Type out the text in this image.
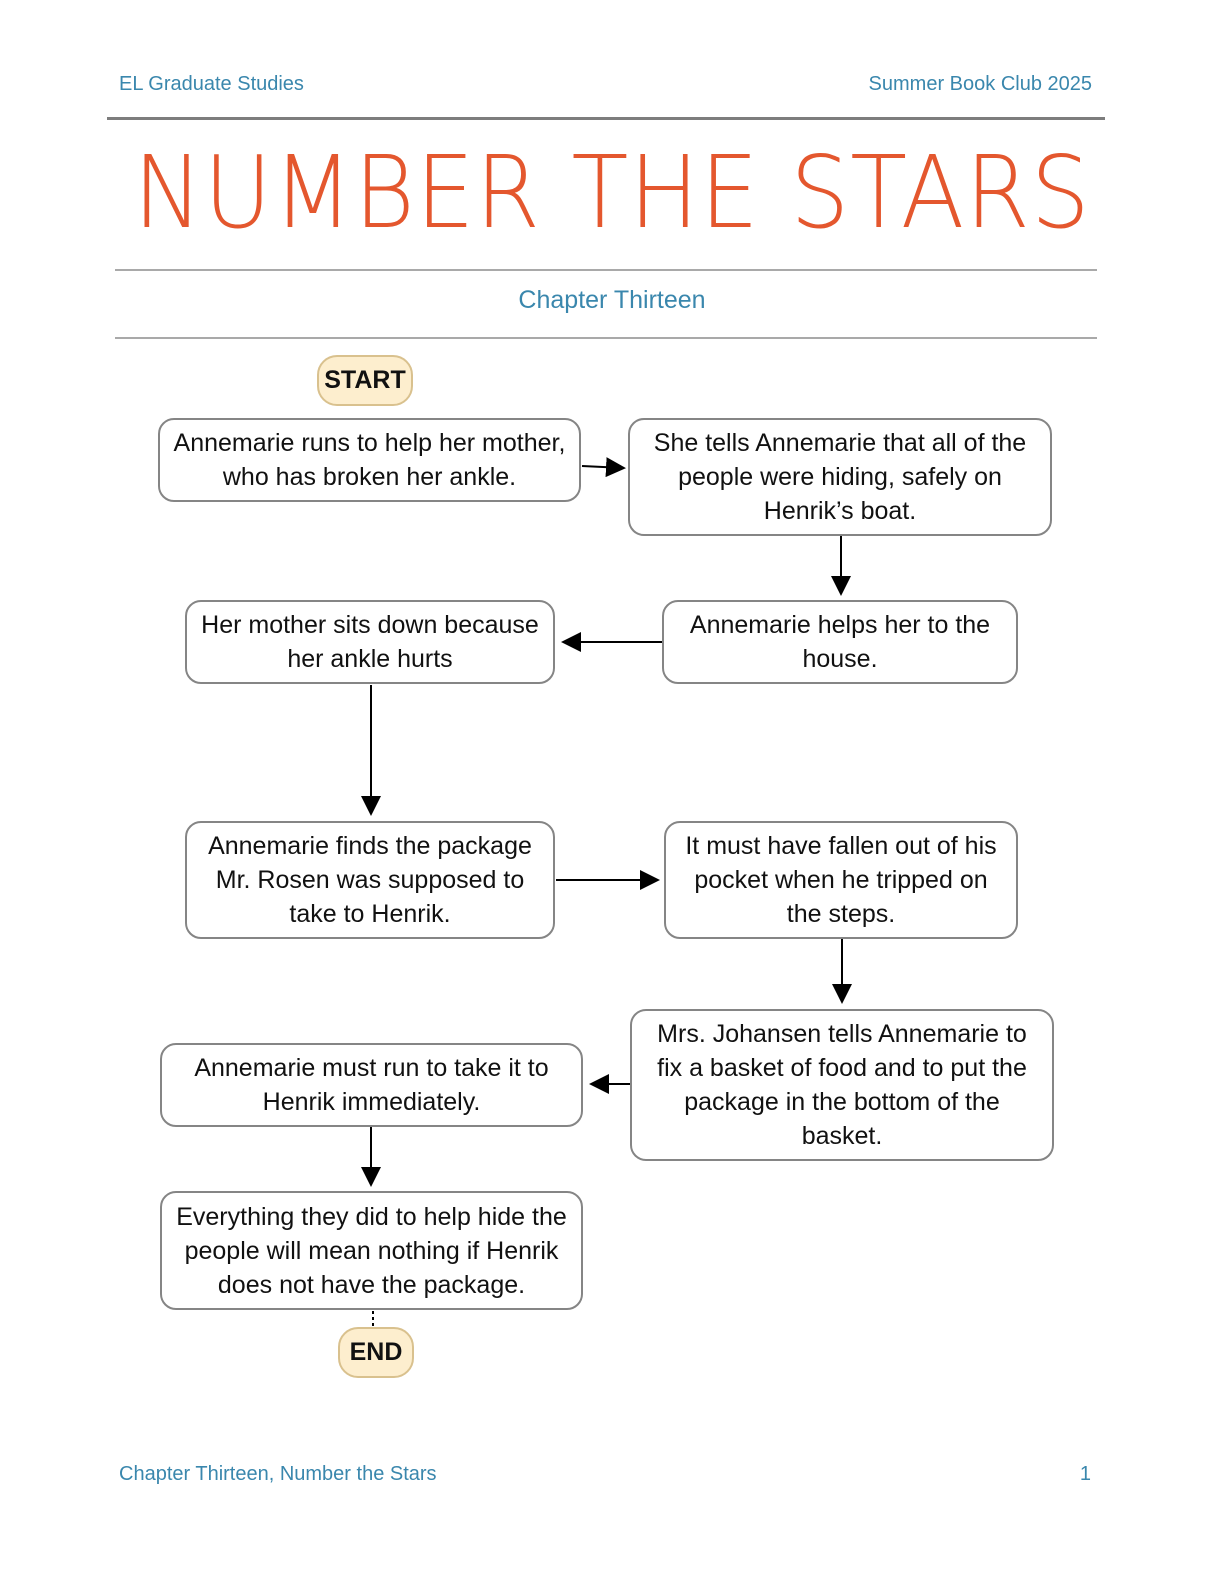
EL Graduate Studies	Summer Book Club 2025
NUMBER THE STARS
Chapter Thirteen
START
Annemarie runs to help her mother, who has broken her ankle.
She tells Annemarie that all of the people were hiding, safely on Henrik’s boat.
Annemarie helps her to the house.
Her mother sits down because her ankle hurts
Annemarie finds the package Mr. Rosen was supposed to take to Henrik.
It must have fallen out of his pocket when he tripped on the steps.
Mrs. Johansen tells Annemarie to fix a basket of food and to put the package in the bottom of the basket.
Annemarie must run to take it to Henrik immediately.
Everything they did to help hide the people will mean nothing if Henrik does not have the package.
END
Chapter Thirteen, Number the Stars	1
